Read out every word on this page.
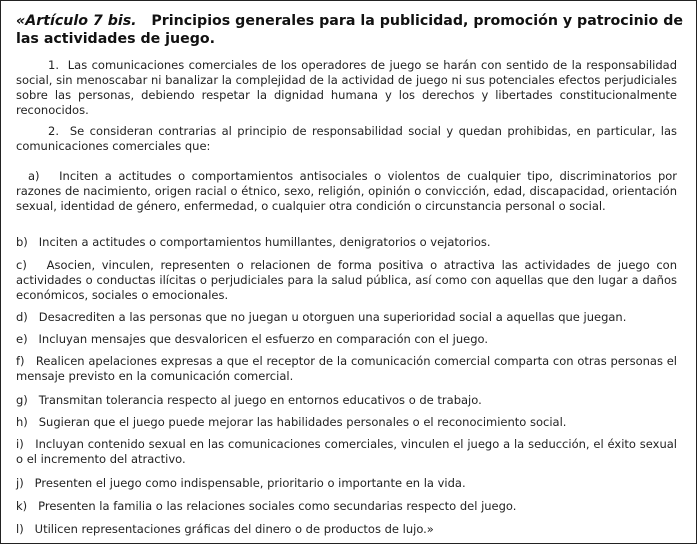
«Artículo 7 bis. Principios generales para la publicidad, promoción y patrocinio de las actividades de juego.

1. Las comunicaciones comerciales de los operadores de juego se harán con sentido de la responsabilidad social, sin menoscabar ni banalizar la complejidad de la actividad de juego ni sus potenciales efectos perjudiciales sobre las personas, debiendo respetar la dignidad humana y los derechos y libertades constitucionalmente reconocidos.

2. Se consideran contrarias al principio de responsabilidad social y quedan prohibidas, en particular, las comunicaciones comerciales que:

a) Inciten a actitudes o comportamientos antisociales o violentos de cualquier tipo, discriminatorios por razones de nacimiento, origen racial o étnico, sexo, religión, opinión o convicción, edad, discapacidad, orientación sexual, identidad de género, enfermedad, o cualquier otra condición o circunstancia personal o social.

b) Inciten a actitudes o comportamientos humillantes, denigratorios o vejatorios.

c) Asocien, vinculen, representen o relacionen de forma positiva o atractiva las actividades de juego con actividades o conductas ilícitas o perjudiciales para la salud pública, así como con aquellas que den lugar a daños económicos, sociales o emocionales.

d) Desacrediten a las personas que no juegan u otorguen una superioridad social a aquellas que juegan.

e) Incluyan mensajes que desvaloricen el esfuerzo en comparación con el juego.

f) Realicen apelaciones expresas a que el receptor de la comunicación comercial comparta con otras personas el mensaje previsto en la comunicación comercial.

g) Transmitan tolerancia respecto al juego en entornos educativos o de trabajo.

h) Sugieran que el juego puede mejorar las habilidades personales o el reconocimiento social.

i) Incluyan contenido sexual en las comunicaciones comerciales, vinculen el juego a la seducción, el éxito sexual o el incremento del atractivo.

j) Presenten el juego como indispensable, prioritario o importante en la vida.

k) Presenten la familia o las relaciones sociales como secundarias respecto del juego.

l) Utilicen representaciones gráficas del dinero o de productos de lujo.»
